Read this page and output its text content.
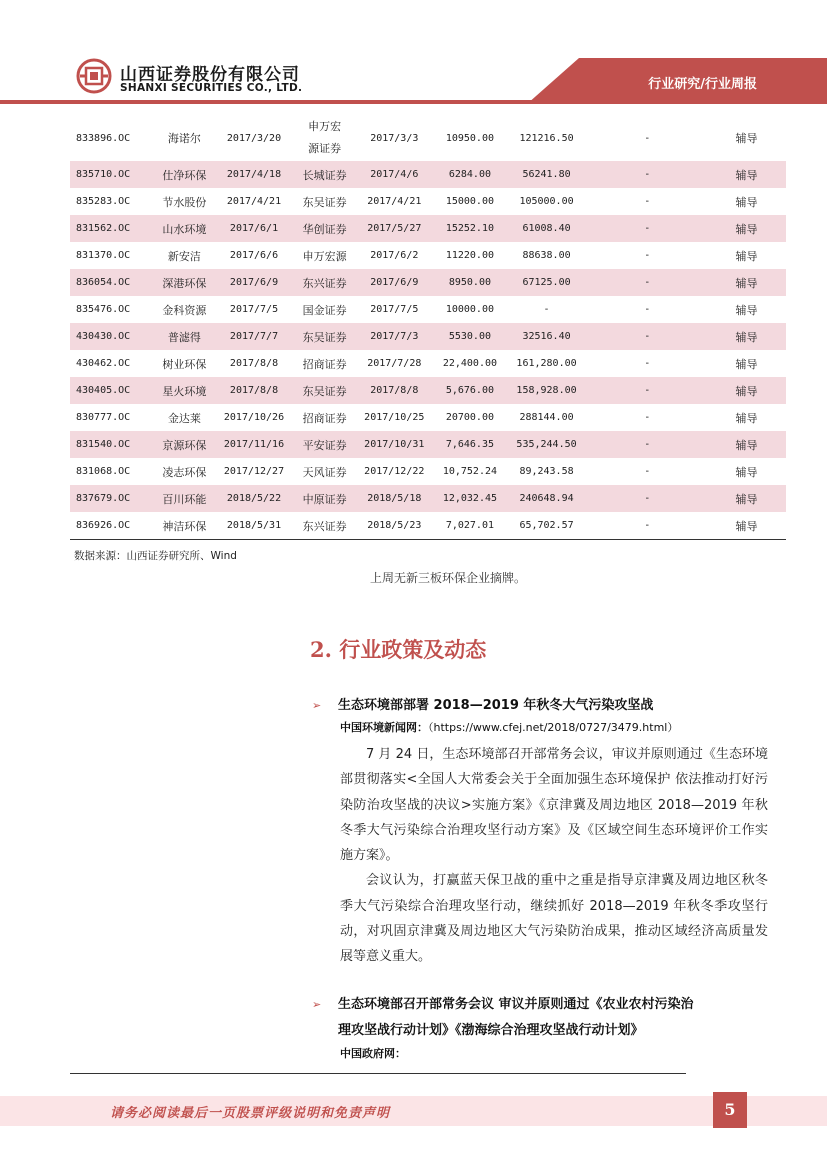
山西证券股份有限公司
SHANXI SECURITIES CO., LTD.	行业研究/行业周报
833896.OC	海诺尔	2017/3/20	申万宏源证券	2017/3/3	10950.00	121216.50	-	辅导
835710.OC	仕净环保	2017/4/18	长城证券	2017/4/6	6284.00	56241.80	-	辅导
835283.OC	节水股份	2017/4/21	东吴证券	2017/4/21	15000.00	105000.00	-	辅导
831562.OC	山水环境	2017/6/1	华创证券	2017/5/27	15252.10	61008.40	-	辅导
831370.OC	新安洁	2017/6/6	申万宏源	2017/6/2	11220.00	88638.00	-	辅导
836054.OC	深港环保	2017/6/9	东兴证券	2017/6/9	8950.00	67125.00	-	辅导
835476.OC	金科资源	2017/7/5	国金证券	2017/7/5	10000.00	-	-	辅导
430430.OC	普滤得	2017/7/7	东吴证券	2017/7/3	5530.00	32516.40	-	辅导
430462.OC	树业环保	2017/8/8	招商证券	2017/7/28	22,400.00	161,280.00	-	辅导
430405.OC	星火环境	2017/8/8	东吴证券	2017/8/8	5,676.00	158,928.00	-	辅导
830777.OC	金达莱	2017/10/26	招商证券	2017/10/25	20700.00	288144.00	-	辅导
831540.OC	京源环保	2017/11/16	平安证券	2017/10/31	7,646.35	535,244.50	-	辅导
831068.OC	凌志环保	2017/12/27	天风证券	2017/12/22	10,752.24	89,243.58	-	辅导
837679.OC	百川环能	2018/5/22	中原证券	2018/5/18	12,032.45	240648.94	-	辅导
836926.OC	神洁环保	2018/5/31	东兴证券	2018/5/23	7,027.01	65,702.57	-	辅导
数据来源：山西证券研究所、Wind
上周无新三板环保企业摘牌。
2. 行业政策及动态
➢ 生态环境部部署 2018—2019 年秋冬大气污染攻坚战
中国环境新闻网：（https://www.cfej.net/2018/0727/3479.html）

7 月 24 日，生态环境部召开部常务会议，审议并原则通过《生态环境部贯彻落实<全国人大常委会关于全面加强生态环境保护 依法推动打好污染防治攻坚战的决议>实施方案》《京津冀及周边地区 2018—2019 年秋冬季大气污染综合治理攻坚行动方案》及《区域空间生态环境评价工作实施方案》。

会议认为，打赢蓝天保卫战的重中之重是指导京津冀及周边地区秋冬季大气污染综合治理攻坚行动，继续抓好 2018—2019 年秋冬季攻坚行动，对巩固京津冀及周边地区大气污染防治成果，推动区域经济高质量发展等意义重大。

➢ 生态环境部召开部常务会议 审议并原则通过《农业农村污染治
理攻坚战行动计划》《渤海综合治理攻坚战行动计划》
中国政府网：
请务必阅读最后一页股票评级说明和免责声明	5
